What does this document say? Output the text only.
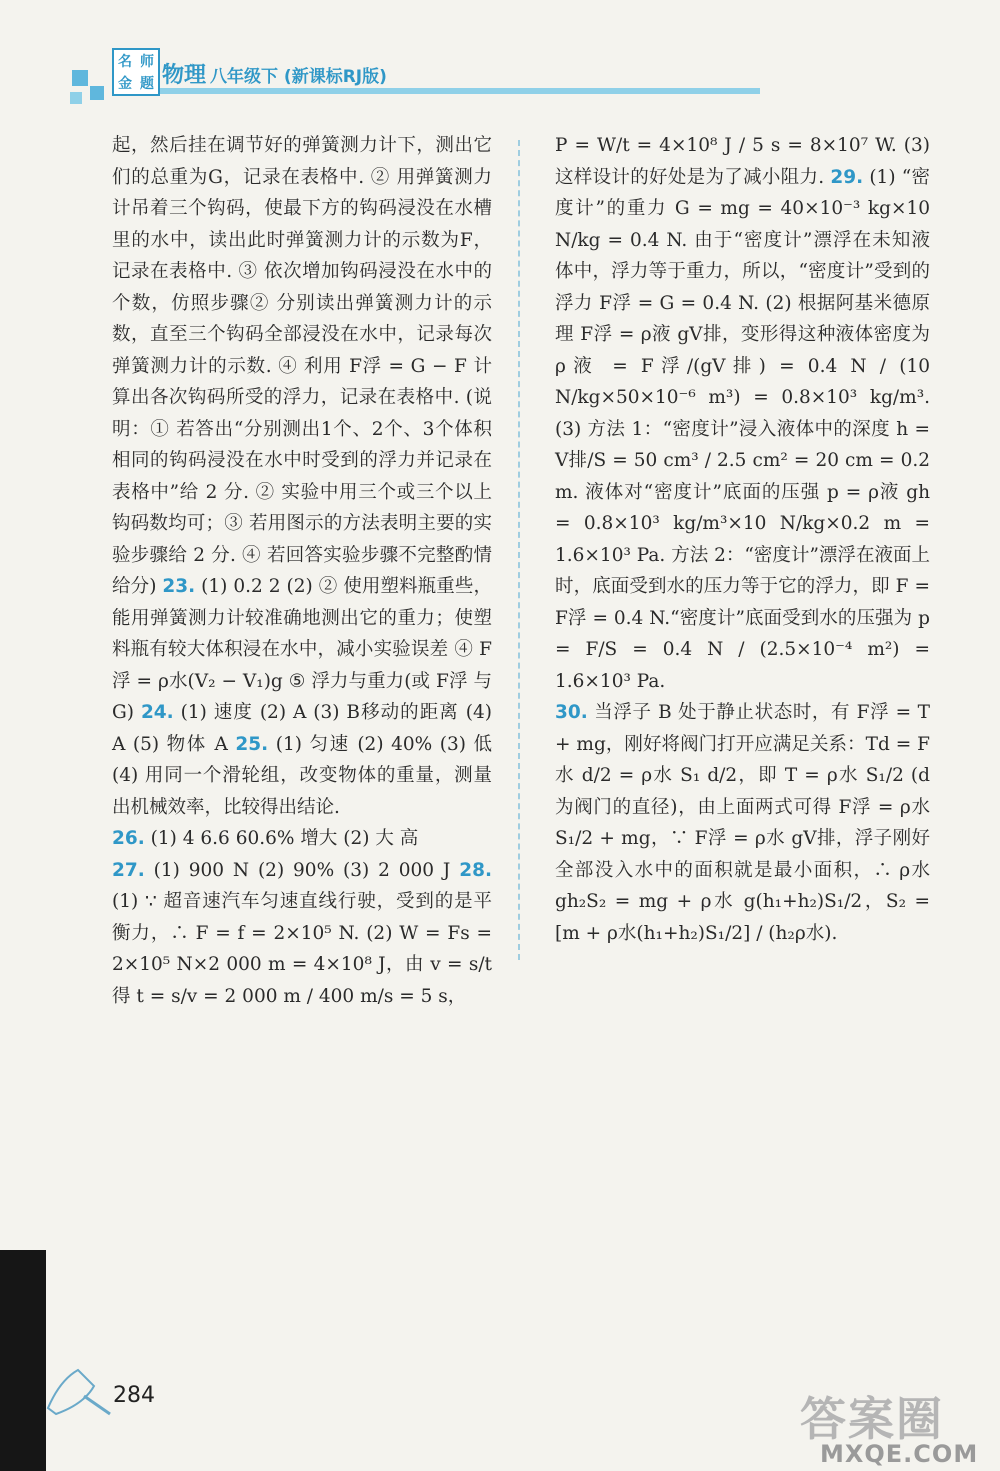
名 师
金 题 物理 八年级下 (新课标RJ版)

起，然后挂在调节好的弹簧测力计下，测出它们的总重为G，记录在表格中. ② 用弹簧测力计吊着三个钩码，使最下方的钩码浸没在水槽里的水中，读出此时弹簧测力计的示数为F，记录在表格中. ③ 依次增加钩码浸没在水中的个数，仿照步骤② 分别读出弹簧测力计的示数，直至三个钩码全部浸没在水中，记录每次弹簧测力计的示数. ④ 利用 F浮 = G − F 计算出各次钩码所受的浮力，记录在表格中. (说明：① 若答出“分别测出1个、2个、3个体积相同的钩码浸没在水中时受到的浮力并记录在表格中”给 2 分. ② 实验中用三个或三个以上钩码数均可；③ 若用图示的方法表明主要的实验步骤给 2 分. ④ 若回答实验步骤不完整酌情给分) 23. (1) 0.2 2 (2) ② 使用塑料瓶重些，能用弹簧测力计较准确地测出它的重力；使塑料瓶有较大体积浸在水中，减小实验误差 ④ F浮 = ρ水(V₂ − V₁)g ⑤ 浮力与重力(或 F浮 与 G) 24. (1) 速度 (2) A (3) B移动的距离 (4) A (5) 物体 A 25. (1) 匀速 (2) 40% (3) 低 (4) 用同一个滑轮组，改变物体的重量，测量出机械效率，比较得出结论.

26. (1) 4 6.6 60.6% 增大 (2) 大 高

27. (1) 900 N (2) 90% (3) 2 000 J 28. (1) ∵ 超音速汽车匀速直线行驶，受到的是平衡力，∴ F = f = 2×10⁵ N. (2) W = Fs = 2×10⁵ N×2 000 m = 4×10⁸ J，由 v = s/t 得 t = s/v = 2 000 m / 400 m/s = 5 s，

P = W/t = 4×10⁸ J / 5 s = 8×10⁷ W. (3) 这样设计的好处是为了减小阻力. 29. (1) “密度计”的重力 G = mg = 40×10⁻³ kg×10 N/kg = 0.4 N. 由于“密度计”漂浮在未知液体中，浮力等于重力，所以，“密度计”受到的浮力 F浮 = G = 0.4 N. (2) 根据阿基米德原理 F浮 = ρ液 gV排，变形得这种液体密度为 ρ液 = F浮/(gV排) = 0.4 N / (10 N/kg×50×10⁻⁶ m³) = 0.8×10³ kg/m³. (3) 方法 1：“密度计”浸入液体中的深度 h = V排/S = 50 cm³ / 2.5 cm² = 20 cm = 0.2 m. 液体对“密度计”底面的压强 p = ρ液 gh = 0.8×10³ kg/m³×10 N/kg×0.2 m = 1.6×10³ Pa. 方法 2：“密度计”漂浮在液面上时，底面受到水的压力等于它的浮力，即 F = F浮 = 0.4 N.“密度计”底面受到水的压强为 p = F/S = 0.4 N / (2.5×10⁻⁴ m²) = 1.6×10³ Pa.

30. 当浮子 B 处于静止状态时，有 F浮 = T + mg，刚好将阀门打开应满足关系：Td = F水 d/2 = ρ水 S₁ d/2，即 T = ρ水 S₁/2 (d 为阀门的直径)，由上面两式可得 F浮 = ρ水 S₁/2 + mg，∵ F浮 = ρ水 gV排，浮子刚好全部没入水中的面积就是最小面积，∴ ρ水 gh₂S₂ = mg + ρ水 g(h₁+h₂)S₁/2，S₂ = [m + ρ水(h₁+h₂)S₁/2] / (h₂ρ水).

284	答案圈
MXQE.COM
